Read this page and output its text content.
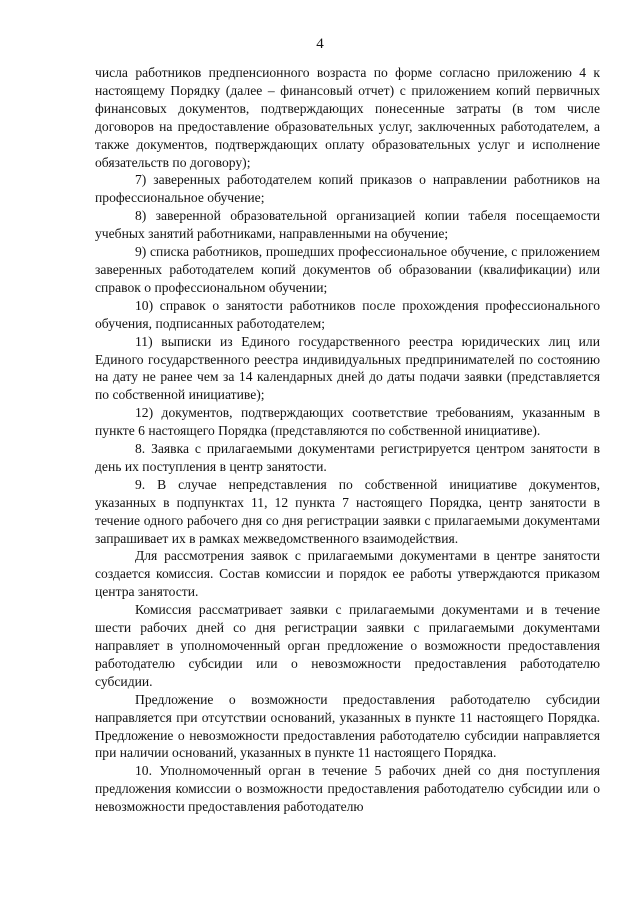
4

числа работников предпенсионного возраста по форме согласно приложению 4 к настоящему Порядку (далее – финансовый отчет) с приложением копий первичных финансовых документов, подтверждающих понесенные затраты (в том числе договоров на предоставление образовательных услуг, заключенных работодателем, а также документов, подтверждающих оплату образовательных услуг и исполнение обязательств по договору);

7) заверенных работодателем копий приказов о направлении работников на профессиональное обучение;

8) заверенной образовательной организацией копии табеля посещаемости учебных занятий работниками, направленными на обучение;

9) списка работников, прошедших профессиональное обучение, с приложением заверенных работодателем копий документов об образовании (квалификации) или справок о профессиональном обучении;

10) справок о занятости работников после прохождения профессионального обучения, подписанных работодателем;

11) выписки из Единого государственного реестра юридических лиц или Единого государственного реестра индивидуальных предпринимателей по состоянию на дату не ранее чем за 14 календарных дней до даты подачи заявки (представляется по собственной инициативе);

12) документов, подтверждающих соответствие требованиям, указанным в пункте 6 настоящего Порядка (представляются по собственной инициативе).

8. Заявка с прилагаемыми документами регистрируется центром занятости в день их поступления в центр занятости.

9. В случае непредставления по собственной инициативе документов, указанных в подпунктах 11, 12 пункта 7 настоящего Порядка, центр занятости в течение одного рабочего дня со дня регистрации заявки с прилагаемыми документами запрашивает их в рамках межведомственного взаимодействия.

Для рассмотрения заявок с прилагаемыми документами в центре занятости создается комиссия. Состав комиссии и порядок ее работы утверждаются приказом центра занятости.

Комиссия рассматривает заявки с прилагаемыми документами и в течение шести рабочих дней со дня регистрации заявки с прилагаемыми документами направляет в уполномоченный орган предложение о возможности предоставления работодателю субсидии или о невозможности предоставления работодателю субсидии.

Предложение о возможности предоставления работодателю субсидии направляется при отсутствии оснований, указанных в пункте 11 настоящего Порядка. Предложение о невозможности предоставления работодателю субсидии направляется при наличии оснований, указанных в пункте 11 настоящего Порядка.

10. Уполномоченный орган в течение 5 рабочих дней со дня поступления предложения комиссии о возможности предоставления работодателю субсидии или о невозможности предоставления работодателю
